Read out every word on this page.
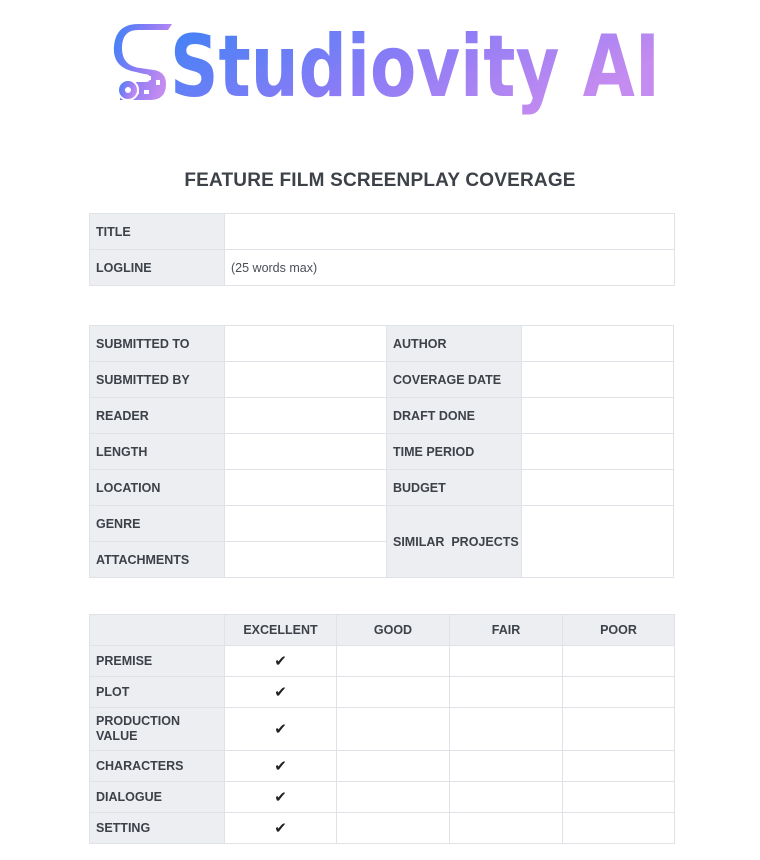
Studiovity AI
FEATURE FILM SCREENPLAY COVERAGE
TITLE	
LOGLINE	(25 words max)
SUBMITTED TO		AUTHOR	
SUBMITTED BY		COVERAGE DATE	
READER		DRAFT DONE	
LENGTH		TIME PERIOD	
LOCATION		BUDGET	
GENRE		SIMILAR  PROJECTS	
ATTACHMENTS			
	EXCELLENT	GOOD	FAIR	POOR
PREMISE	✔			
PLOT	✔			
PRODUCTION VALUE	✔			
CHARACTERS	✔			
DIALOGUE	✔			
SETTING	✔			
